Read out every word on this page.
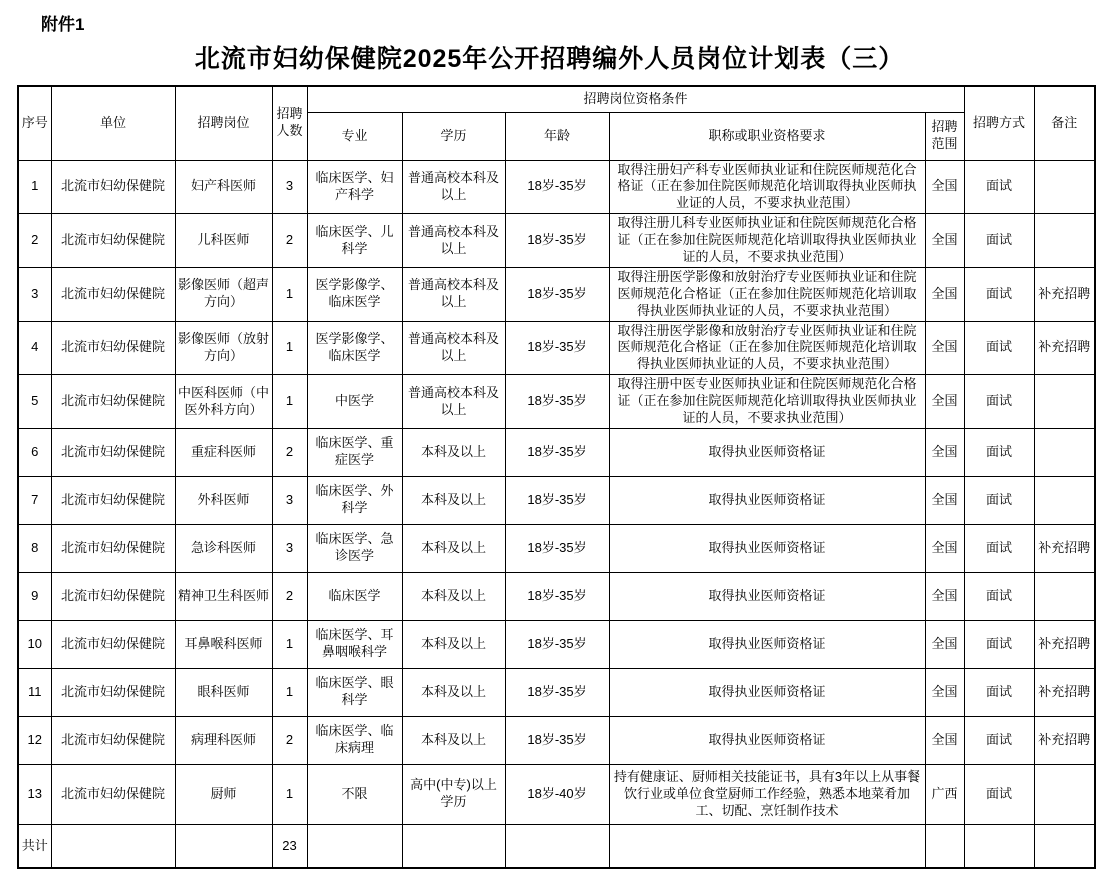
附件1
北流市妇幼保健院2025年公开招聘编外人员岗位计划表（三）
序号	单位	招聘岗位	招聘人数	招聘岗位资格条件					招聘方式	备注
				专业	学历	年龄	职称或职业资格要求	招聘范围		
1	北流市妇幼保健院	妇产科医师	3	临床医学、妇产科学	普通高校本科及以上	18岁-35岁	取得注册妇产科专业医师执业证和住院医师规范化合格证（正在参加住院医师规范化培训取得执业医师执业证的人员，不要求执业范围）	全国	面试	
2	北流市妇幼保健院	儿科医师	2	临床医学、儿科学	普通高校本科及以上	18岁-35岁	取得注册儿科专业医师执业证和住院医师规范化合格证（正在参加住院医师规范化培训取得执业医师执业证的人员，不要求执业范围）	全国	面试	
3	北流市妇幼保健院	影像医师（超声方向）	1	医学影像学、临床医学	普通高校本科及以上	18岁-35岁	取得注册医学影像和放射治疗专业医师执业证和住院医师规范化合格证（正在参加住院医师规范化培训取得执业医师执业证的人员，不要求执业范围）	全国	面试	补充招聘
4	北流市妇幼保健院	影像医师（放射方向）	1	医学影像学、临床医学	普通高校本科及以上	18岁-35岁	取得注册医学影像和放射治疗专业医师执业证和住院医师规范化合格证（正在参加住院医师规范化培训取得执业医师执业证的人员，不要求执业范围）	全国	面试	补充招聘
5	北流市妇幼保健院	中医科医师（中医外科方向）	1	中医学	普通高校本科及以上	18岁-35岁	取得注册中医专业医师执业证和住院医师规范化合格证（正在参加住院医师规范化培训取得执业医师执业证的人员，不要求执业范围）	全国	面试	
6	北流市妇幼保健院	重症科医师	2	临床医学、重症医学	本科及以上	18岁-35岁	取得执业医师资格证	全国	面试	
7	北流市妇幼保健院	外科医师	3	临床医学、外科学	本科及以上	18岁-35岁	取得执业医师资格证	全国	面试	
8	北流市妇幼保健院	急诊科医师	3	临床医学、急诊医学	本科及以上	18岁-35岁	取得执业医师资格证	全国	面试	补充招聘
9	北流市妇幼保健院	精神卫生科医师	2	临床医学	本科及以上	18岁-35岁	取得执业医师资格证	全国	面试	
10	北流市妇幼保健院	耳鼻喉科医师	1	临床医学、耳鼻咽喉科学	本科及以上	18岁-35岁	取得执业医师资格证	全国	面试	补充招聘
11	北流市妇幼保健院	眼科医师	1	临床医学、眼科学	本科及以上	18岁-35岁	取得执业医师资格证	全国	面试	补充招聘
12	北流市妇幼保健院	病理科医师	2	临床医学、临床病理	本科及以上	18岁-35岁	取得执业医师资格证	全国	面试	补充招聘
13	北流市妇幼保健院	厨师	1	不限	高中(中专)以上学历	18岁-40岁	持有健康证、厨师相关技能证书，具有3年以上从事餐饮行业或单位食堂厨师工作经验，熟悉本地菜肴加工、切配、烹饪制作技术	广西	面试	
共计			23							
